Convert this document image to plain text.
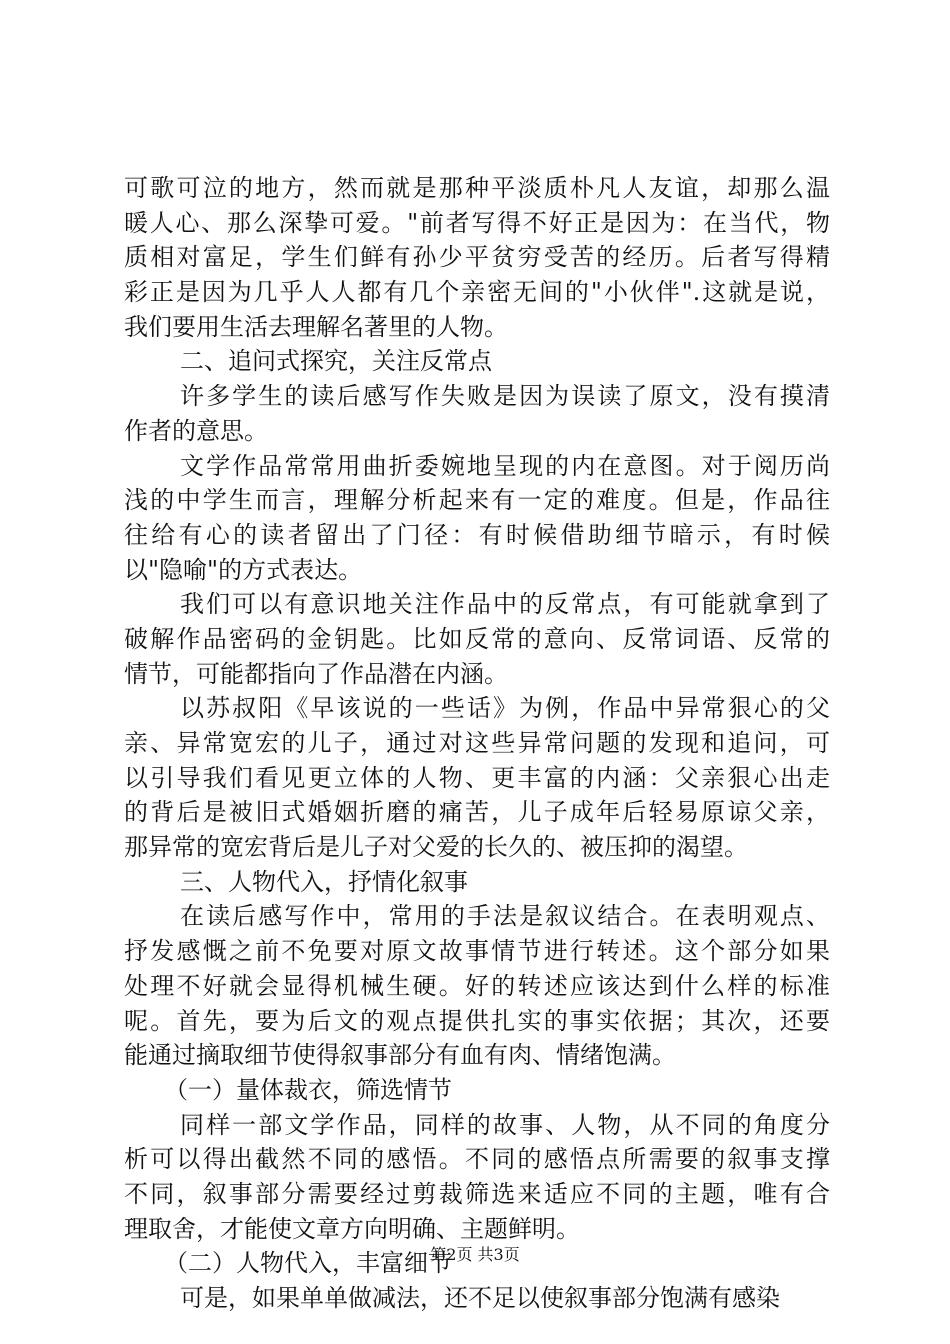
可歌可泣的地方，然而就是那种平淡质朴凡人友谊，却那么温
暖人心、那么深挚可爱。"前者写得不好正是因为：在当代，物
质相对富足，学生们鲜有孙少平贫穷受苦的经历。后者写得精
彩正是因为几乎人人都有几个亲密无间的"小伙伴".这就是说，
我们要用生活去理解名著里的人物。
二、追问式探究，关注反常点
许多学生的读后感写作失败是因为误读了原文，没有摸清
作者的意思。
文学作品常常用曲折委婉地呈现的内在意图。对于阅历尚
浅的中学生而言，理解分析起来有一定的难度。但是，作品往
往给有心的读者留出了门径：有时候借助细节暗示，有时候
以"隐喻"的方式表达。
我们可以有意识地关注作品中的反常点，有可能就拿到了
破解作品密码的金钥匙。比如反常的意向、反常词语、反常的
情节，可能都指向了作品潜在内涵。
以苏叔阳《早该说的一些话》为例，作品中异常狠心的父
亲、异常宽宏的儿子，通过对这些异常问题的发现和追问，可
以引导我们看见更立体的人物、更丰富的内涵：父亲狠心出走
的背后是被旧式婚姻折磨的痛苦，儿子成年后轻易原谅父亲，
那异常的宽宏背后是儿子对父爱的长久的、被压抑的渴望。
三、人物代入，抒情化叙事
在读后感写作中，常用的手法是叙议结合。在表明观点、
抒发感慨之前不免要对原文故事情节进行转述。这个部分如果
处理不好就会显得机械生硬。好的转述应该达到什么样的标准
呢。首先，要为后文的观点提供扎实的事实依据；其次，还要
能通过摘取细节使得叙事部分有血有肉、情绪饱满。
（一）量体裁衣，筛选情节
同样一部文学作品，同样的故事、人物，从不同的角度分
析可以得出截然不同的感悟。不同的感悟点所需要的叙事支撑
不同，叙事部分需要经过剪裁筛选来适应不同的主题，唯有合
理取舍，才能使文章方向明确、主题鲜明。
（二）人物代入，丰富细节
可是，如果单单做减法，还不足以使叙事部分饱满有感染
第2页 共3页
